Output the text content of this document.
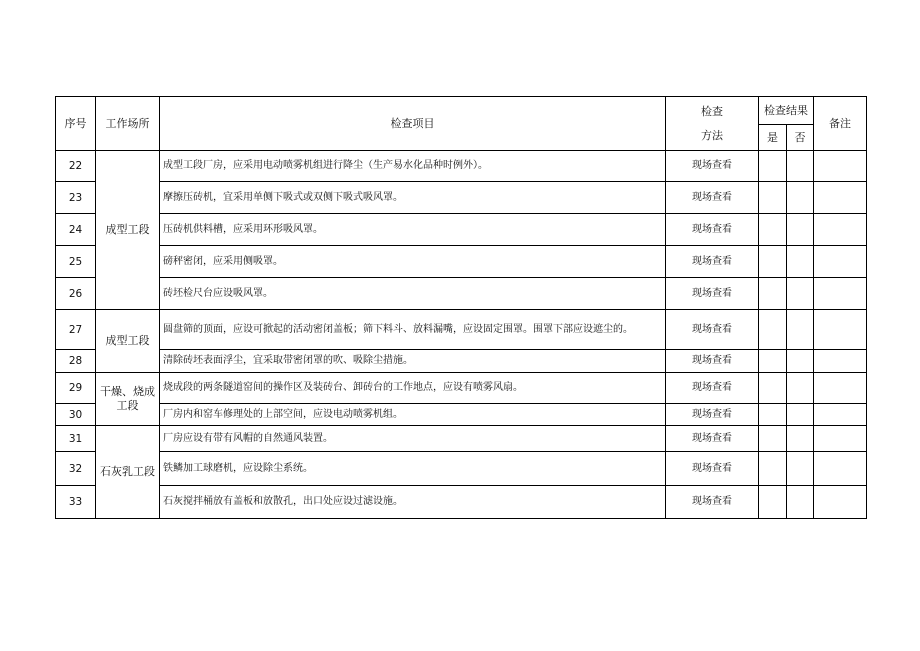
序号	工作场所	检查项目	检查
方法	检查结果		备注
				是	否	
22	成型工段	成型工段厂房，应采用电动喷雾机组进行降尘（生产易水化品种时例外）。	现场查看			
23		摩擦压砖机，宜采用单侧下吸式或双侧下吸式吸风罩。	现场查看			
24		压砖机供料槽，应采用环形吸风罩。	现场查看			
25		磅秤密闭，应采用侧吸罩。	现场查看			
26		砖坯检尺台应设吸风罩。	现场查看			
27	成型工段	圆盘筛的顶面，应设可掀起的活动密闭盖板；筛下料斗、放料漏嘴，应设固定围罩。围罩下部应设遮尘的。	现场查看			
28		清除砖坯表面浮尘，宜采取带密闭罩的吹、吸除尘措施。	现场查看			
29	干燥、烧成工段	烧成段的两条隧道窑间的操作区及装砖台、卸砖台的工作地点，应设有喷雾风扇。	现场查看			
30		厂房内和窑车修理处的上部空间，应设电动喷雾机组。	现场查看			
31	石灰乳工段	厂房应设有带有风帽的自然通风装置。	现场查看			
32		铁鳞加工球磨机，应设除尘系统。	现场查看			
33		石灰搅拌桶放有盖板和放散孔，出口处应设过滤设施。	现场查看			
